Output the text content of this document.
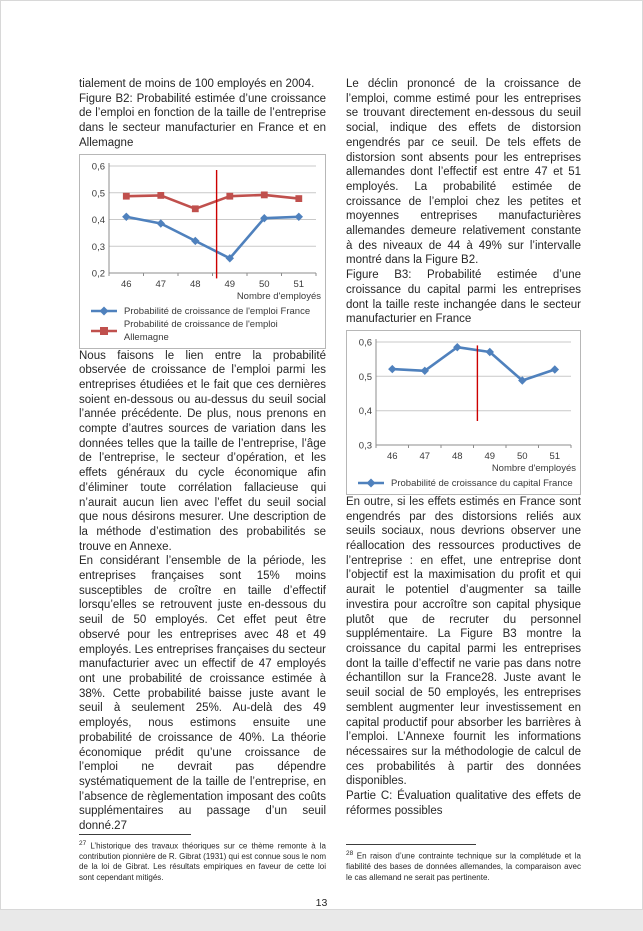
tialement de moins de 100 employés en 2004.

Figure B2: Probabilité estimée d’une croissance de l’emploi en fonction de la taille de l’entreprise dans le secteur manufacturier en France et en Allemagne

0,2
0,3
0,4
0,5
0,6
46	47	48	49	50	51
Nombre d'employés
Probabilité de croissance de l'emploi France
Probabilité de croissance de l'emploi Allemagne

Nous faisons le lien entre la probabilité observée de croissance de l’emploi parmi les entreprises étudiées et le fait que ces dernières soient en-dessous ou au-dessus du seuil social l’année précédente. De plus, nous prenons en compte d’autres sources de variation dans les données telles que la taille de l’entreprise, l’âge de l’entreprise, le secteur d’opération, et les effets généraux du cycle économique afin d’éliminer toute corrélation fallacieuse qui n’aurait aucun lien avec l’effet du seuil social que nous désirons mesurer. Une description de la méthode d’estimation des probabilités se trouve en Annexe.

En considérant l’ensemble de la période, les entreprises françaises sont 15% moins susceptibles de croître en taille d’effectif lorsqu’elles se retrouvent juste en-dessous du seuil de 50 employés. Cet effet peut être observé pour les entreprises avec 48 et 49 employés. Les entreprises françaises du secteur manufacturier avec un effectif de 47 employés ont une probabilité de croissance estimée à 38%. Cette probabilité baisse juste avant le seuil à seulement 25%. Au-delà des 49 employés, nous estimons ensuite une probabilité de croissance de 40%. La théorie économique prédit qu’une croissance de l’emploi ne devrait pas dépendre systématiquement de la taille de l’entreprise, en l’absence de règlementation imposant des coûts supplémentaires au passage d’un seuil donné.27

$^{27}$ L’historique des travaux théoriques sur ce thème remonte à la contribution pionnière de R. Gibrat (1931) qui est connue sous le nom de la loi de Gibrat. Les résultats empiriques en faveur de cette loi sont cependant mitigés.

Le déclin prononcé de la croissance de l’emploi, comme estimé pour les entreprises se trouvant directement en-dessous du seuil social, indique des effets de distorsion engendrés par ce seuil. De tels effets de distorsion sont absents pour les entreprises allemandes dont l’effectif est entre 47 et 51 employés. La probabilité estimée de croissance de l’emploi chez les petites et moyennes entreprises manufacturières allemandes demeure relativement constante à des niveaux de 44 à 49% sur l’intervalle montré dans la Figure B2.

Figure B3: Probabilité estimée d’une croissance du capital parmi les entreprises dont la taille reste inchangée dans le secteur manufacturier en France

0,3
0,4
0,5
0,6
46 47 48 49 50 51
Nombre d'employés
Probabilité de croissance du capital France

En outre, si les effets estimés en France sont engendrés par des distorsions reliés aux seuils sociaux, nous devrions observer une réallocation des ressources productives de l’entreprise : en effet, une entreprise dont l’objectif est la maximisation du profit et qui aurait le potentiel d’augmenter sa taille investira pour accroître son capital physique plutôt que de recruter du personnel supplémentaire. La Figure B3 montre la croissance du capital parmi les entreprises dont la taille d’effectif ne varie pas dans notre échantillon sur la France28. Juste avant le seuil social de 50 employés, les entreprises semblent augmenter leur investissement en capital productif pour absorber les barrières à l’emploi. L’Annexe fournit les informations nécessaires sur la méthodologie de calcul de ces probabilités à partir des données disponibles.

Partie C: Évaluation qualitative des effets de réformes possibles

$^{28}$ En raison d’une contrainte technique sur la complétude et la fiabilité des bases de données allemandes, la comparaison avec le cas allemand ne serait pas pertinente.

13
